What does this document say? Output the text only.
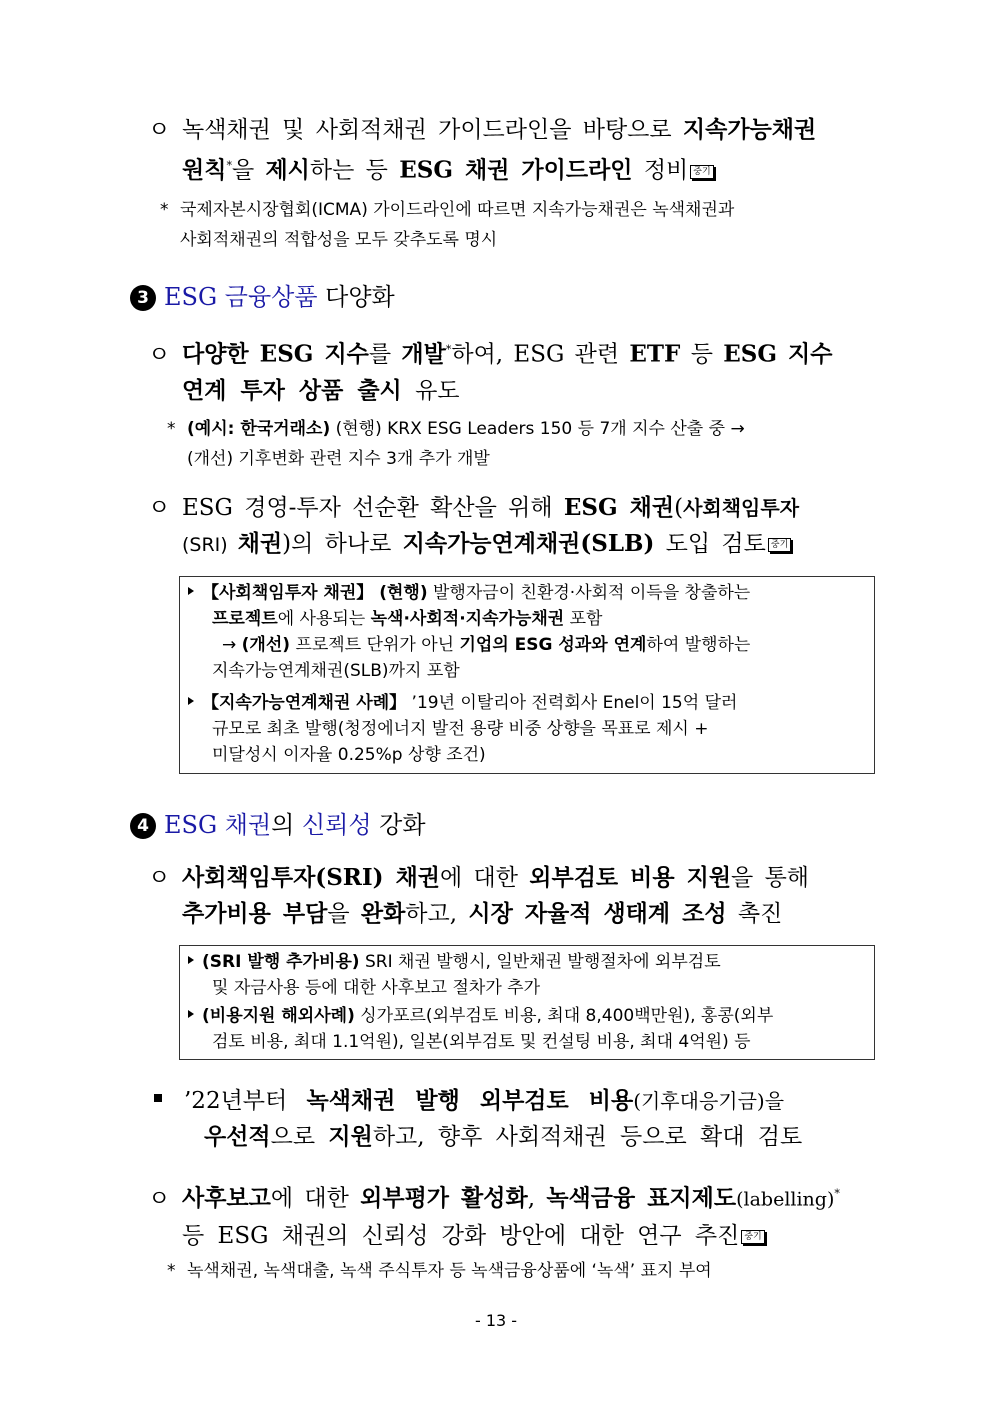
ㅇ 녹색채권 및 사회적채권 가이드라인을 바탕으로 지속가능채권
원칙*을 제시하는 등 ESG 채권 가이드라인 정비 중기
* 국제자본시장협회(ICMA) 가이드라인에 따르면 지속가능채권은 녹색채권과
사회적채권의 적합성을 모두 갖추도록 명시
3 ESG 금융상품 다양화
ㅇ 다양한 ESG 지수를 개발*하여, ESG 관련 ETF 등 ESG 지수
연계 투자 상품 출시 유도
* (예시: 한국거래소) (현행) KRX ESG Leaders 150 등 7개 지수 산출 중 →
(개선) 기후변화 관련 지수 3개 추가 개발
ㅇ ESG 경영-투자 선순환 확산을 위해 ESG 채권(사회책임투자
(SRI) 채권)의 하나로 지속가능연계채권(SLB) 도입 검토 중기
【사회책임투자 채권】 (현행) 발행자금이 친환경·사회적 이득을 창출하는
프로젝트에 사용되는 녹색·사회적·지속가능채권 포함
→ (개선) 프로젝트 단위가 아닌 기업의 ESG 성과와 연계하여 발행하는
지속가능연계채권(SLB)까지 포함
【지속가능연계채권 사례】 ’19년 이탈리아 전력회사 Enel이 15억 달러
규모로 최초 발행(청정에너지 발전 용량 비중 상향을 목표로 제시 +
미달성시 이자율 0.25%p 상향 조건)
4 ESG 채권의 신뢰성 강화
ㅇ 사회책임투자(SRI) 채권에 대한 외부검토 비용 지원을 통해
추가비용 부담을 완화하고, 시장 자율적 생태계 조성 촉진
(SRI 발행 추가비용) SRI 채권 발행시, 일반채권 발행절차에 외부검토
및 자금사용 등에 대한 사후보고 절차가 추가
(비용지원 해외사례) 싱가포르(외부검토 비용, 최대 8,400백만원), 홍콩(외부
검토 비용, 최대 1.1억원), 일본(외부검토 및 컨설팅 비용, 최대 4억원) 등
’22년부터 녹색채권 발행 외부검토 비용(기후대응기금)을
우선적으로 지원하고, 향후 사회적채권 등으로 확대 검토
ㅇ 사후보고에 대한 외부평가 활성화, 녹색금융 표지제도(labelling)*
등 ESG 채권의 신뢰성 강화 방안에 대한 연구 추진 중기
* 녹색채권, 녹색대출, 녹색 주식투자 등 녹색금융상품에 ‘녹색’ 표지 부여
- 13 -
